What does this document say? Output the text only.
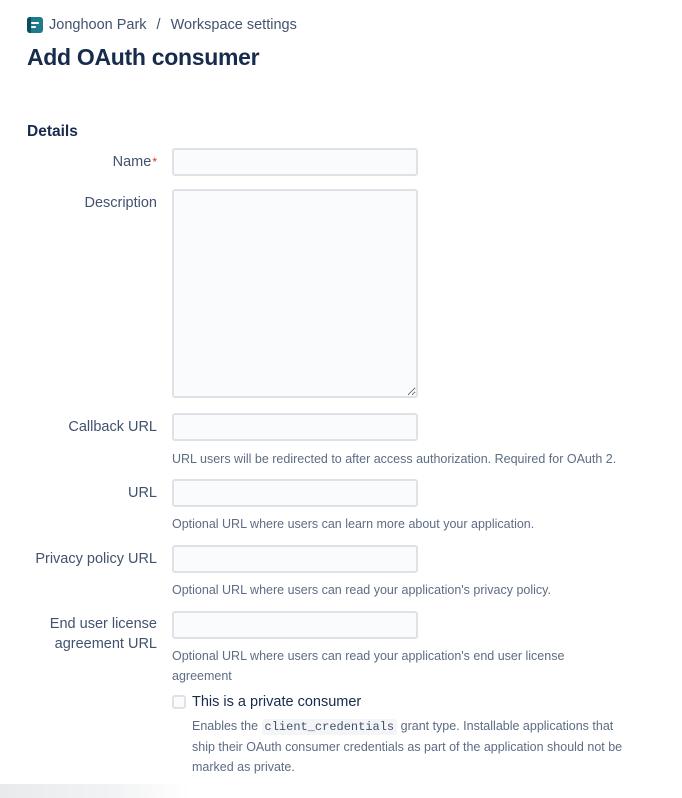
Jonghoon Park / Workspace settings
Add OAuth consumer
Details
Name*
Description
Callback URL
URL users will be redirected to after access authorization. Required for OAuth 2.
URL
Optional URL where users can learn more about your application.
Privacy policy URL
Optional URL where users can read your application's privacy policy.
End user license
agreement URL
Optional URL where users can read your application's end user license
agreement
This is a private consumer
Enables the client_credentials grant type. Installable applications that ship their OAuth consumer credentials as part of the application should not be marked as private.
